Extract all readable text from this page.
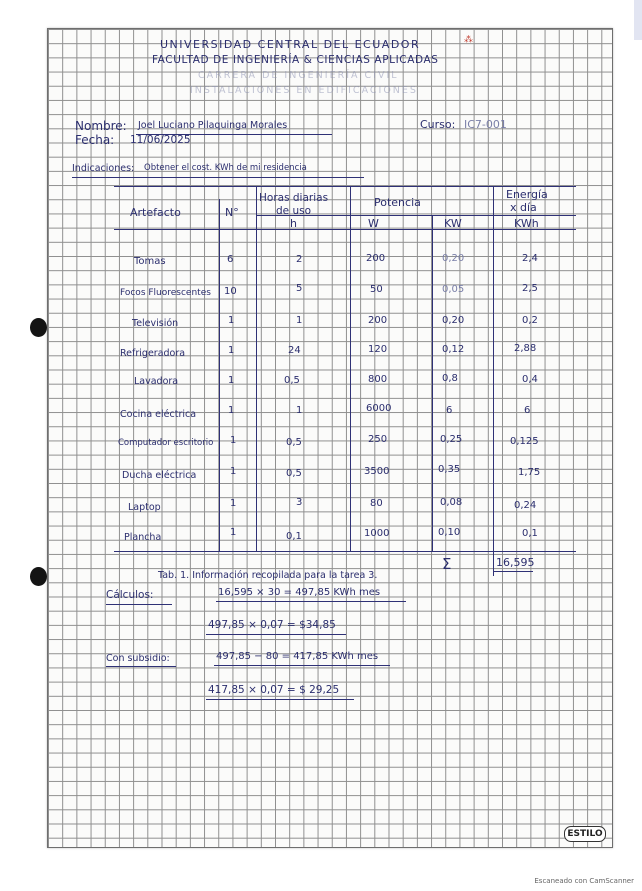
UNIVERSIDAD CENTRAL DEL ECUADOR	⁂
FACULTAD DE INGENIERÍA & CIENCIAS APLICADAS
CARRERA DE INGENIERÍA CIVIL
INSTALACIONES EN EDIFICACIONES
Nombre: Joel Luciano Pilaquinga Morales	Curso: IC7-001
Fecha: 11/06/2025
Indicaciones: Obtener el cost. KWh de mi residencia
Artefacto	N°
Horas diarias
de uso
h
Potencia
W	KW
Energía
x día
KWh
Tomas	6	2	200	0,20	2,4
Focos Fluorescentes 10	5	50	0,05	2,5
Televisión	1	1	200	0,20	0,2
Refrigeradora	1	24	120	0,12	2,88
Lavadora	1	0,5	800	0,8	0,4
Cocina eléctrica	1	1	6000	6	6
Computador escritorio 1	0,5	250	0,25	0,125
Ducha eléctrica	1	0,5	3500	0,35	1,75
Laptop	1	3	80	0,08	0,24
Plancha	1	0,1	1000	0,10	0,1
Σ	16,595
Tab. 1. Información recopilada para la tarea 3.
Cálculos:	16,595 × 30 = 497,85 KWh mes
497,85 × 0,07 = $34,85
Con subsidio:	497,85 − 80 = 417,85 KWh mes
417,85 × 0,07 = $ 29,25
ESTILO
Escaneado con CamScanner
